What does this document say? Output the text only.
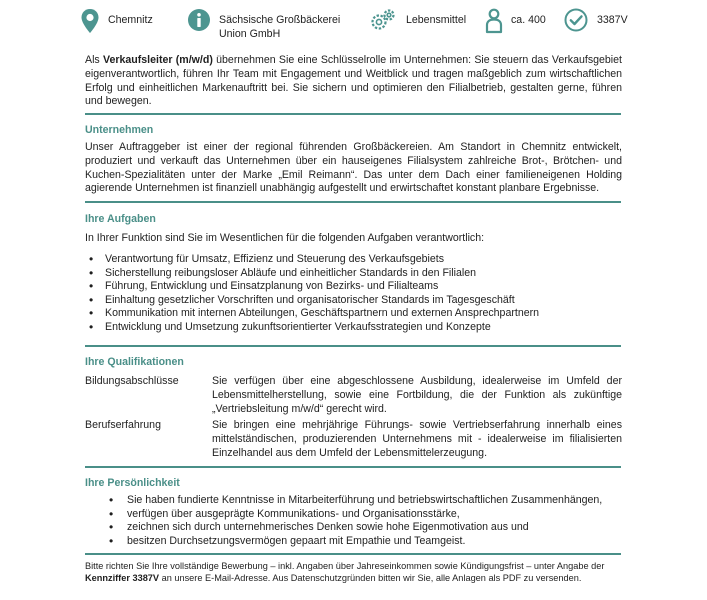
Chemnitz	Sächsische Großbäckerei Union GmbH
Lebensmittel	ca. 400	3387V

Als Verkaufsleiter (m/w/d) übernehmen Sie eine Schlüsselrolle im Unternehmen: Sie steuern das Verkaufsgebiet eigenverantwortlich, führen Ihr Team mit Engagement und Weitblick und tragen maßgeblich zum wirtschaftlichen Erfolg und einheitlichen Markenauftritt bei. Sie sichern und optimieren den Filialbetrieb, gestalten gerne, führen und bewegen.

Unternehmen

Unser Auftraggeber ist einer der regional führenden Großbäckereien. Am Standort in Chemnitz entwickelt, produziert und verkauft das Unternehmen über ein hauseigenes Filialsystem zahlreiche Brot-, Brötchen- und Kuchen-Spezialitäten unter der Marke „Emil Reimann“. Das unter dem Dach einer familieneigenen Holding agierende Unternehmen ist finanziell unabhängig aufgestellt und erwirtschaftet konstant planbare Ergebnisse.

Ihre Aufgaben

In Ihrer Funktion sind Sie im Wesentlichen für die folgenden Aufgaben verantwortlich:

• Verantwortung für Umsatz, Effizienz und Steuerung des Verkaufsgebiets
• Sicherstellung reibungsloser Abläufe und einheitlicher Standards in den Filialen
• Führung, Entwicklung und Einsatzplanung von Bezirks- und Filialteams
• Einhaltung gesetzlicher Vorschriften und organisatorischer Standards im Tagesgeschäft
• Kommunikation mit internen Abteilungen, Geschäftspartnern und externen Ansprechpartnern
• Entwicklung und Umsetzung zukunftsorientierter Verkaufsstrategien und Konzepte
Ihre Qualifikationen
Bildungsabschlüsse	Sie verfügen über eine abgeschlossene Ausbildung, idealerweise im Umfeld der Lebensmittelherstellung, sowie eine Fortbildung, die der Funktion als zukünftige „Vertriebsleitung m/w/d“ gerecht wird.
Berufserfahrung	Sie bringen eine mehrjährige Führungs- sowie Vertriebserfahrung innerhalb eines mittelständischen, produzierenden Unternehmens mit - idealerweise im filialisierten Einzelhandel aus dem Umfeld der Lebensmittelerzeugung.
Ihre Persönlichkeit
• Sie haben fundierte Kenntnisse in Mitarbeiterführung und betriebswirtschaftlichen Zusammenhängen,
• verfügen über ausgeprägte Kommunikations- und Organisationsstärke,
• zeichnen sich durch unternehmerisches Denken sowie hohe Eigenmotivation aus und
• besitzen Durchsetzungsvermögen gepaart mit Empathie und Teamgeist.

Bitte richten Sie Ihre vollständige Bewerbung – inkl. Angaben über Jahreseinkommen sowie Kündigungsfrist – unter Angabe der Kennziffer 3387V an unsere E-Mail-Adresse. Aus Datenschutzgründen bitten wir Sie, alle Anlagen als PDF zu versenden.
